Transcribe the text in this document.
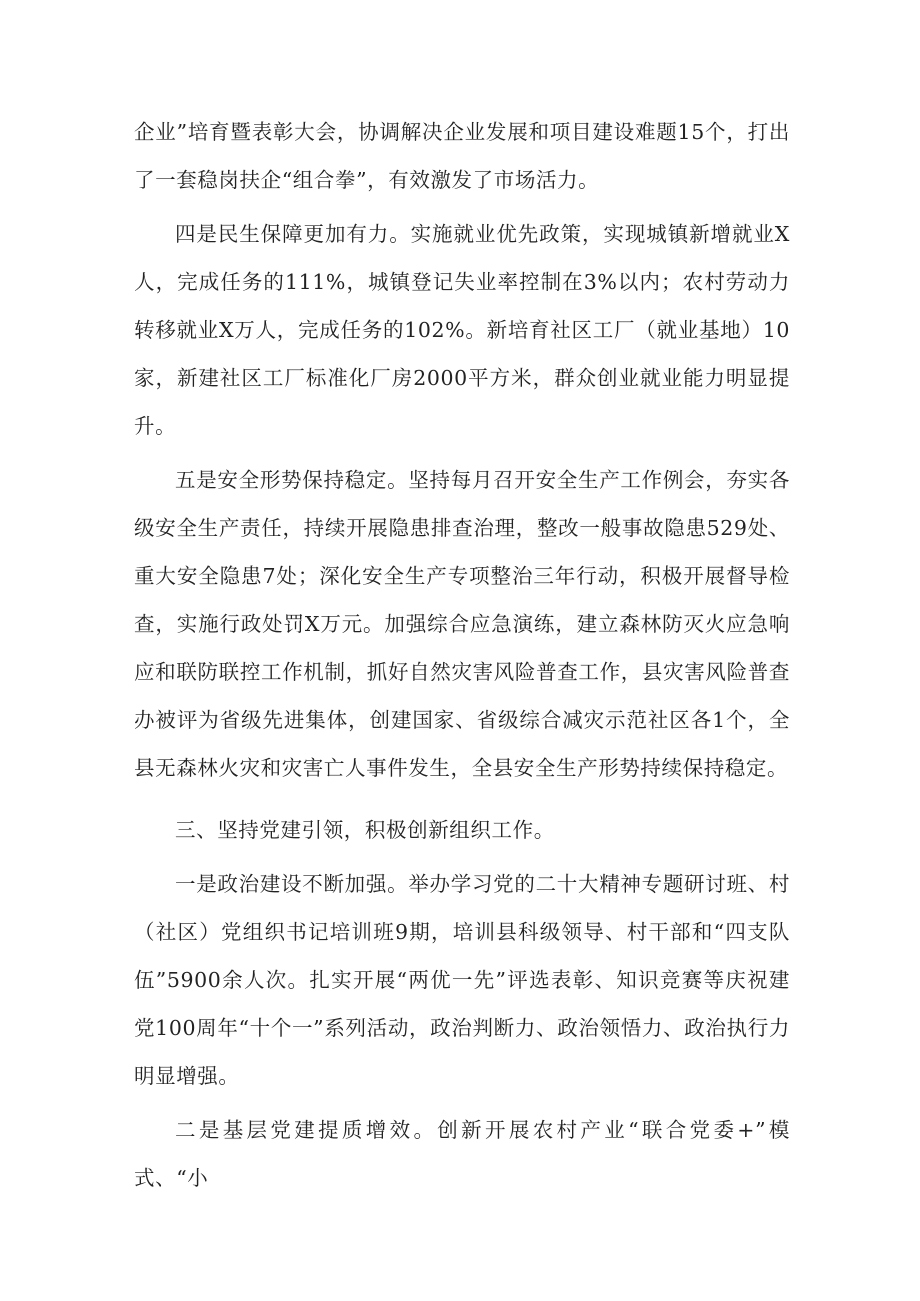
企业”培育暨表彰大会，协调解决企业发展和项目建设难题15个，打出了一套稳岗扶企“组合拳”，有效激发了市场活力。

四是民生保障更加有力。实施就业优先政策，实现城镇新增就业X人，完成任务的111%，城镇登记失业率控制在3%以内；农村劳动力转移就业X万人，完成任务的102%。新培育社区工厂（就业基地）10家，新建社区工厂标准化厂房2000平方米，群众创业就业能力明显提升。

五是安全形势保持稳定。坚持每月召开安全生产工作例会，夯实各级安全生产责任，持续开展隐患排查治理，整改一般事故隐患529处、重大安全隐患7处；深化安全生产专项整治三年行动，积极开展督导检查，实施行政处罚X万元。加强综合应急演练，建立森林防灭火应急响应和联防联控工作机制，抓好自然灾害风险普查工作，县灾害风险普查办被评为省级先进集体，创建国家、省级综合减灾示范社区各1个，全县无森林火灾和灾害亡人事件发生，全县安全生产形势持续保持稳定。

三、坚持党建引领，积极创新组织工作。

一是政治建设不断加强。举办学习党的二十大精神专题研讨班、村（社区）党组织书记培训班9期，培训县科级领导、村干部和“四支队伍”5900余人次。扎实开展“两优一先”评选表彰、知识竞赛等庆祝建党100周年“十个一”系列活动，政治判断力、政治领悟力、政治执行力明显增强。

二是基层党建提质增效。创新开展农村产业“联合党委+”模式、“小
